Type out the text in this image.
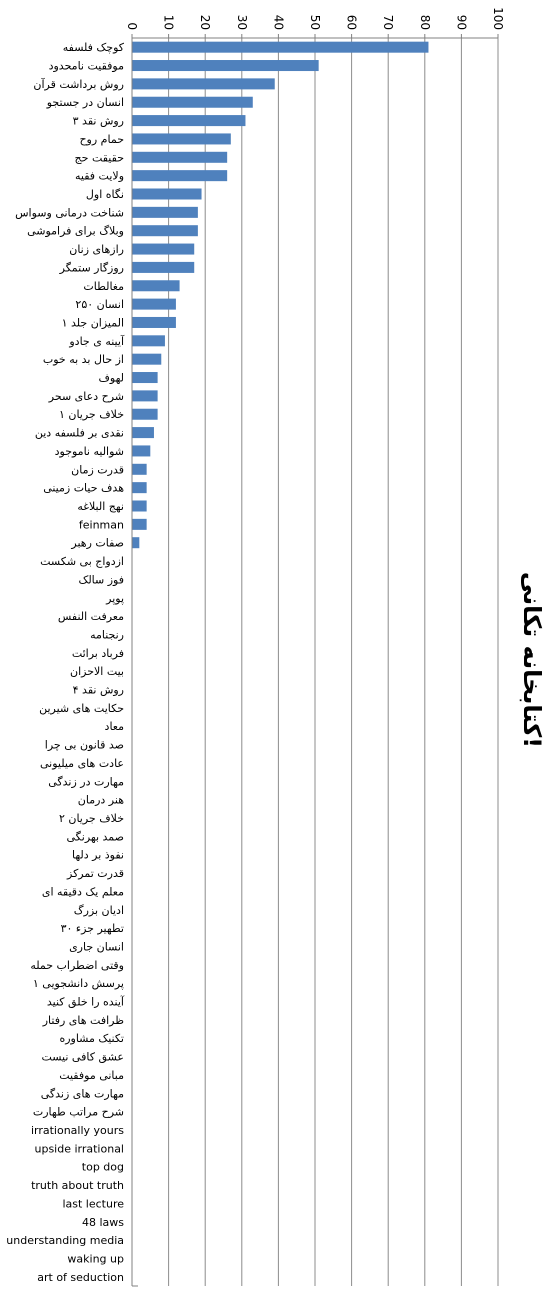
0 10 20 30 40 50 60 70 80 90 100
کوچک فلسفه
موفقیت نامحدود
روش برداشت قرآن
انسان در جستجو
روش نقد ۳
حمام روح
حقیقت حج
ولایت فقیه
نگاه اول
شناخت درمانی وسواس
وبلاگ برای فراموشی
رازهای زنان
روزگار ستمگر
مغالطات
انسان ۲۵۰
المیزان جلد ۱
آیینه ی جادو
از حال بد به خوب
لهوف
شرح دعای سحر
خلاف جریان ۱
نقدی بر فلسفه دین
شوالیه ناموجود
قدرت زمان
هدف حیات زمینی
نهج البلاغه
feinman
صفات رهبر
ازدواج بی شکست
فوز سالک
پوپر
معرفت النفس
رنجنامه
فرباد برائت
بیت الاحزان
روش نقد ۴
حکایت های شیرین
معاد
صد قانون بی چرا
عادت های میلیونی
مهارت در زندگی
هنر درمان
خلاف جریان ۲
صمد بهرنگی
نفوذ بر دلها
قدرت تمرکز
معلم یک دقیقه ای
ادیان بزرگ
تطهیر جزء ۳۰
انسان جاری
وقتی اضطراب حمله
پرسش دانشجویی ۱
آینده را خلق کنید
ظرافت های رفتار
تکنیک مشاوره
عشق کافی نیست
مبانی موفقیت
مهارت های زندگی
شرح مراتب طهارت
irrationally yours
upside irrational
top dog
truth about truth
last lecture
48 laws
understanding media
waking up
art of seduction
کتابخانه تکانی!
